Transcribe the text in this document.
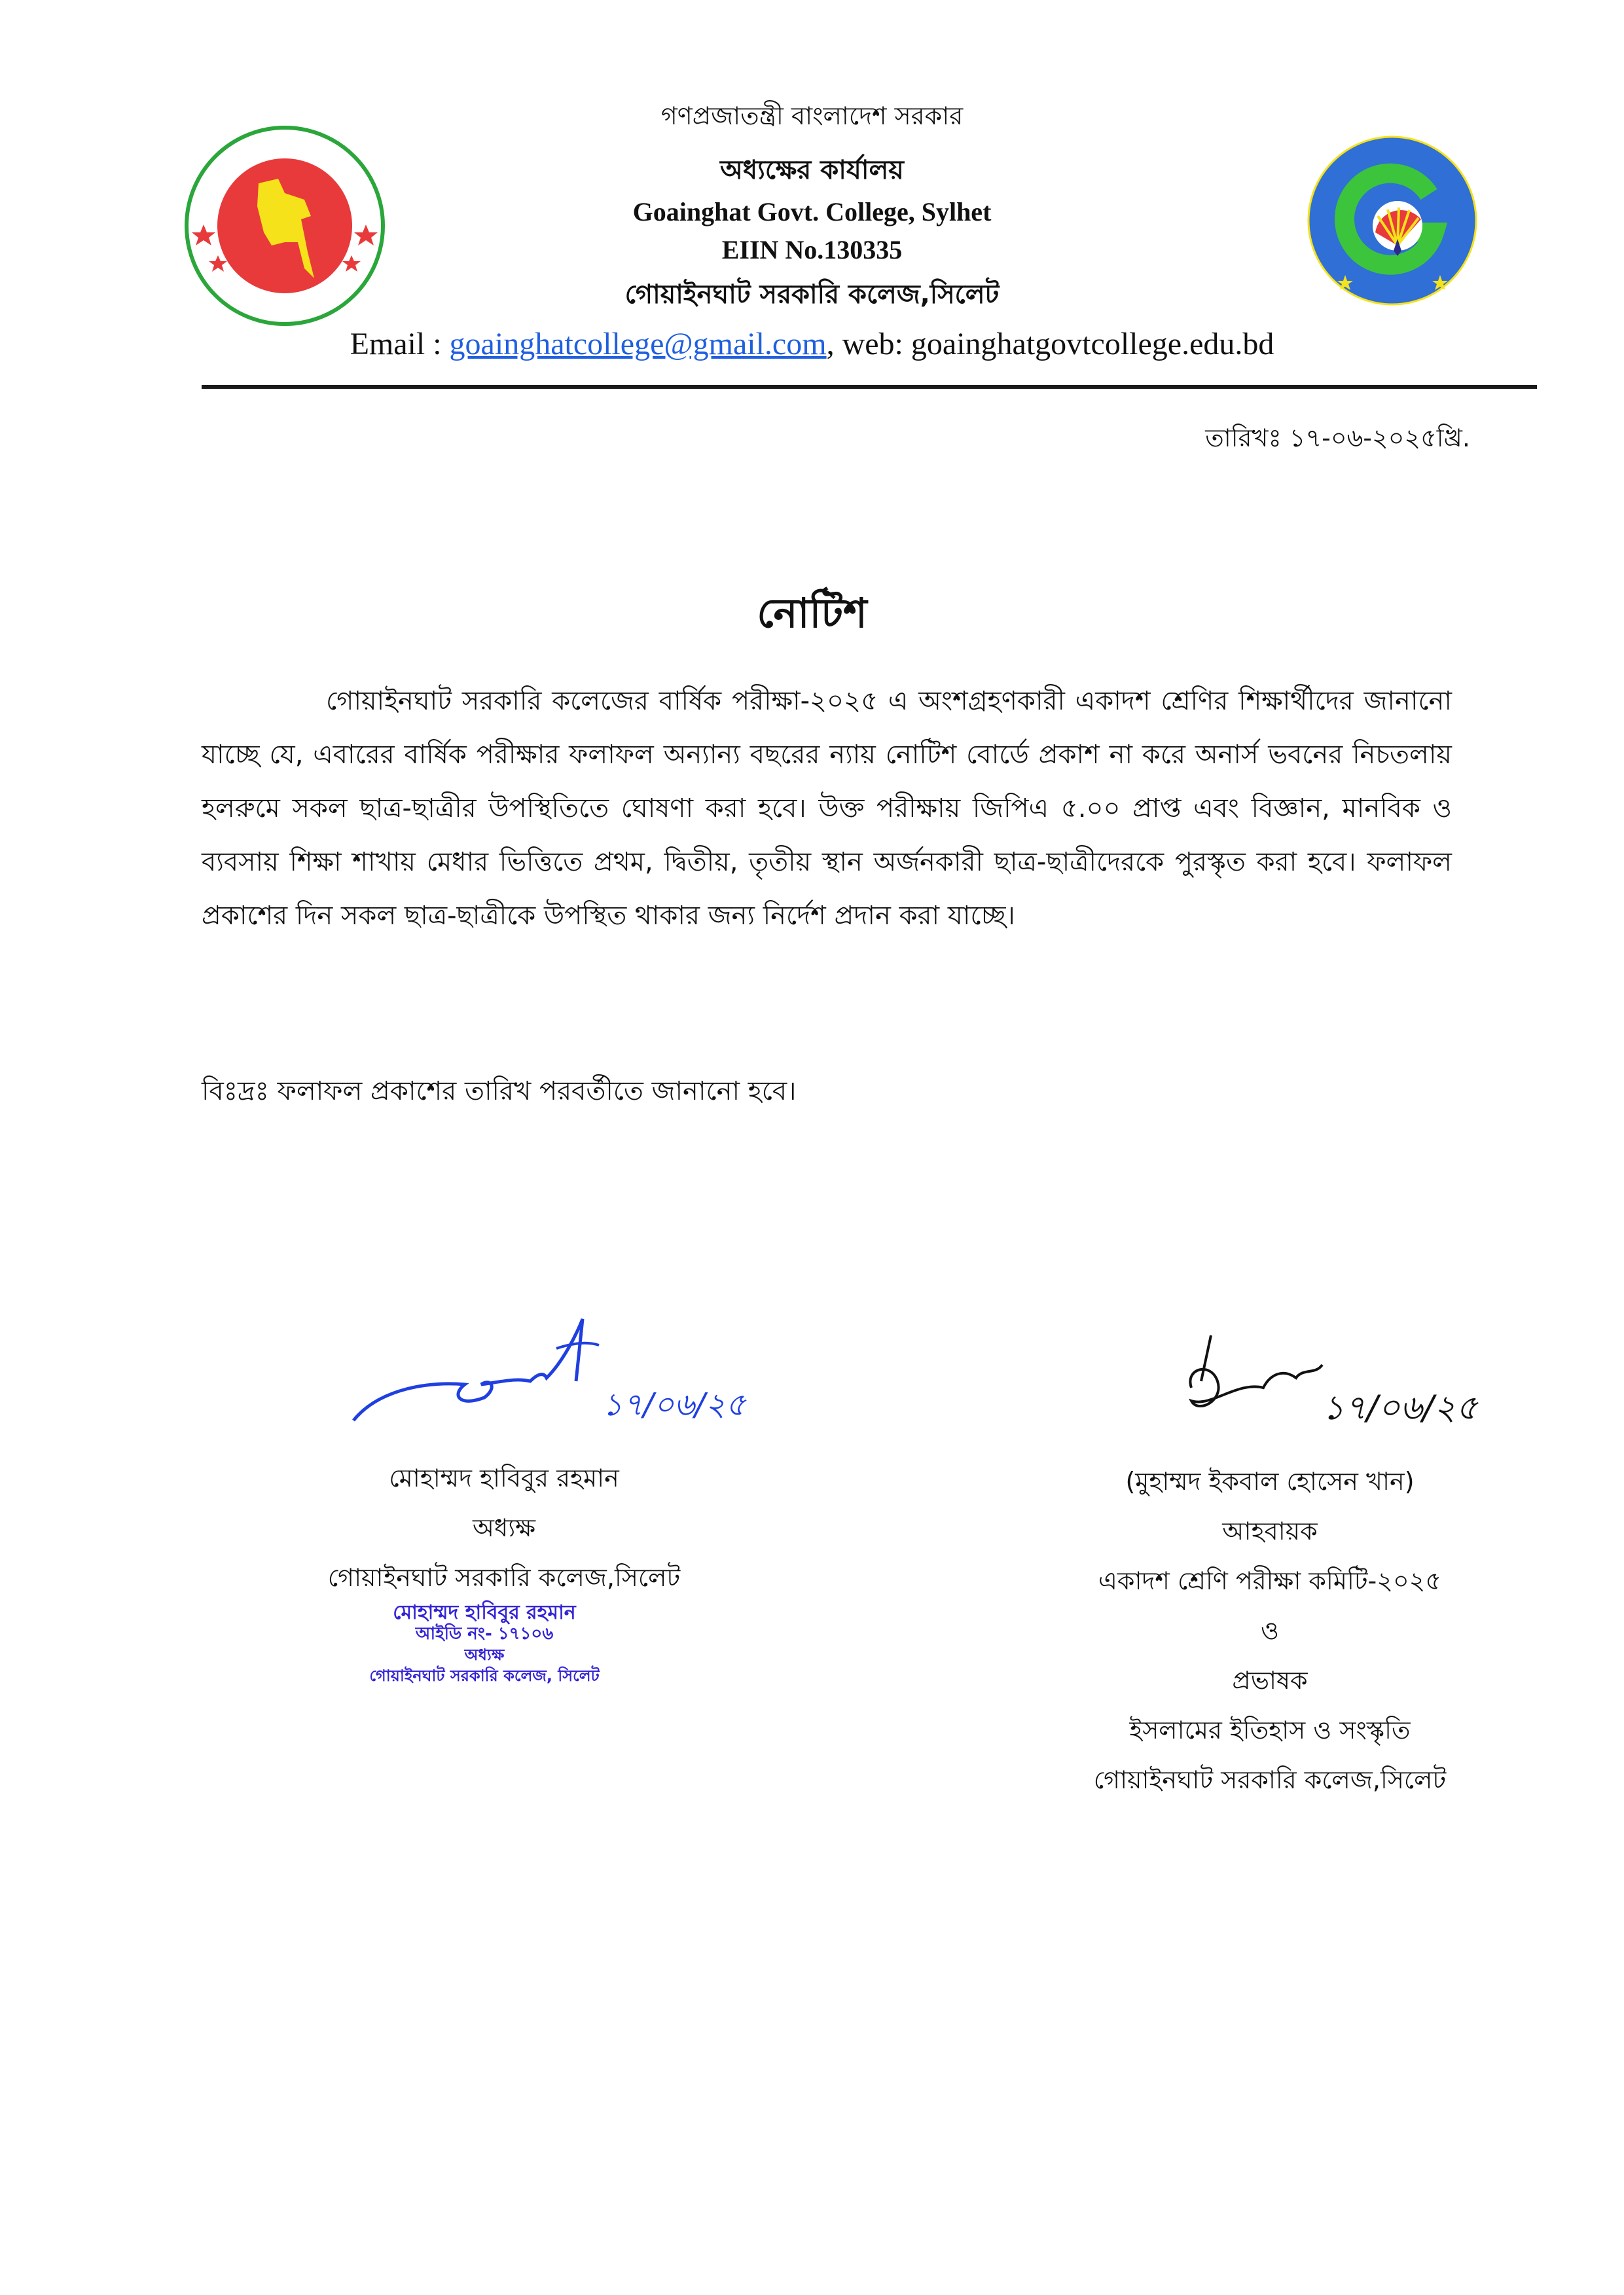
গণপ্রজাতন্ত্রী বাংলাদেশ সরকার
অধ্যক্ষের কার্যালয়
Goainghat Govt. College, Sylhet
EIIN No.130335
গোয়াইনঘাট সরকারি কলেজ,সিলেট
Email : goainghatcollege@gmail.com, web: goainghatgovtcollege.edu.bd
তারিখঃ ১৭-০৬-২০২৫খ্রি.
নোটিশ
গোয়াইনঘাট সরকারি কলেজের বার্ষিক পরীক্ষা-২০২৫ এ অংশগ্রহণকারী একাদশ শ্রেণির শিক্ষার্থীদের জানানো যাচ্ছে যে, এবারের বার্ষিক পরীক্ষার ফলাফল অন্যান্য বছরের ন্যায় নোটিশ বোর্ডে প্রকাশ না করে অনার্স ভবনের নিচতলায় হলরুমে সকল ছাত্র-ছাত্রীর উপস্থিতিতে ঘোষণা করা হবে। উক্ত পরীক্ষায় জিপিএ ৫.০০ প্রাপ্ত এবং বিজ্ঞান, মানবিক ও ব্যবসায় শিক্ষা শাখায় মেধার ভিত্তিতে প্রথম, দ্বিতীয়, তৃতীয় স্থান অর্জনকারী ছাত্র-ছাত্রীদেরকে পুরস্কৃত করা হবে। ফলাফল প্রকাশের দিন সকল ছাত্র-ছাত্রীকে উপস্থিত থাকার জন্য নির্দেশ প্রদান করা যাচ্ছে।
বিঃদ্রঃ ফলাফল প্রকাশের তারিখ পরবর্তীতে জানানো হবে।
১৭/০৬/২৫	১৭/০৬/২৫
মোহাম্মদ হাবিবুর রহমান
অধ্যক্ষ
গোয়াইনঘাট সরকারি কলেজ,সিলেট
মোহাম্মদ হাবিবুর রহমান
আইডি নং- ১৭১০৬
অধ্যক্ষ
গোয়াইনঘাট সরকারি কলেজ, সিলেট
(মুহাম্মদ ইকবাল হোসেন খান)
আহবায়ক
একাদশ শ্রেণি পরীক্ষা কমিটি-২০২৫
ও
প্রভাষক
ইসলামের ইতিহাস ও সংস্কৃতি
গোয়াইনঘাট সরকারি কলেজ,সিলেট
